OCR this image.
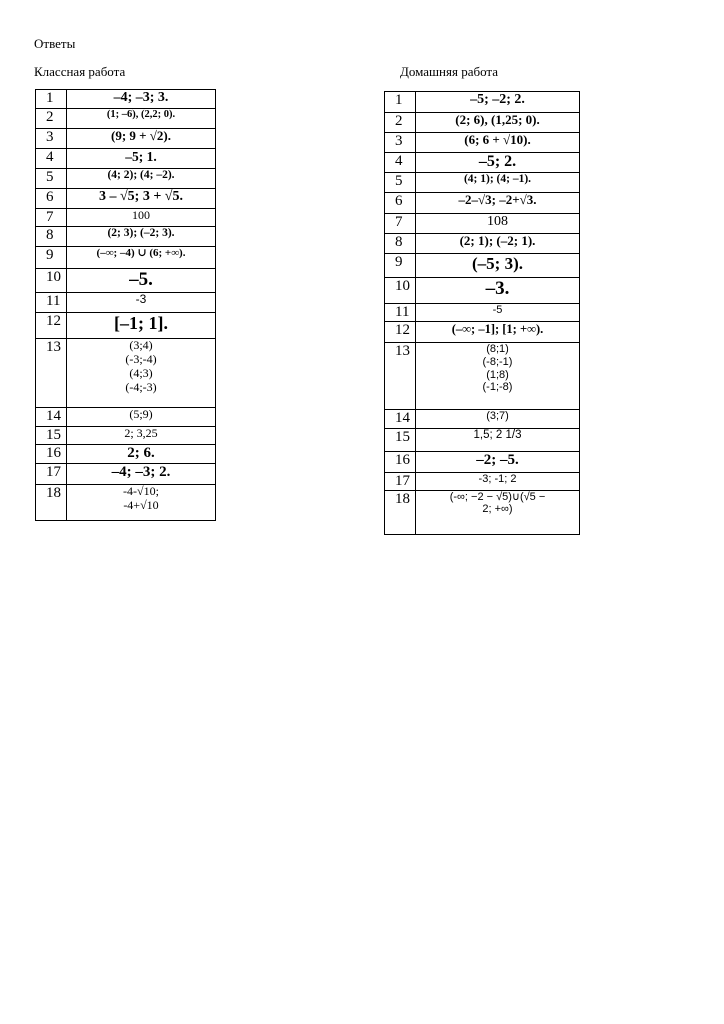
Ответы
Классная работа	Домашняя работа
1	–4; –3; 3.

2	(1; –6), (2,2; 0).

3	(9; 9 + √2).

4	–5; 1.

5	(4; 2); (4; –2).

6	3 – √5; 3 + √5.

7	100

8	(2; 3); (–2; 3).

9	(–∞; –4) ∪ (6; +∞).

10	–5.

11	-3

12	[–1; 1].

13	(3;4)
(-3;-4)
(4;3)
(-4;-3)

14	(5;9)

15	2; 3,25

16	2; 6.

17	–4; –3; 2.

18	-4-√10;
-4+√10
1	–5; –2; 2.

2	(2; 6), (1,25; 0).

3	(6; 6 + √10).

4	–5; 2.

5	(4; 1); (4; –1).

6	–2–√3; –2+√3.

7	108

8	(2; 1); (–2; 1).

9	(–5; 3).

10	–3.

11	-5

12	(–∞; –1]; [1; +∞).

13	(8;1)
(-8;-1)
(1;8)
(-1;-8)

14	(3;7)

15	1,5; 2 1/3

16	–2; –5.

17	-3; -1; 2

18	(-∞; −2 − √5)∪(√5 −
2; +∞)
